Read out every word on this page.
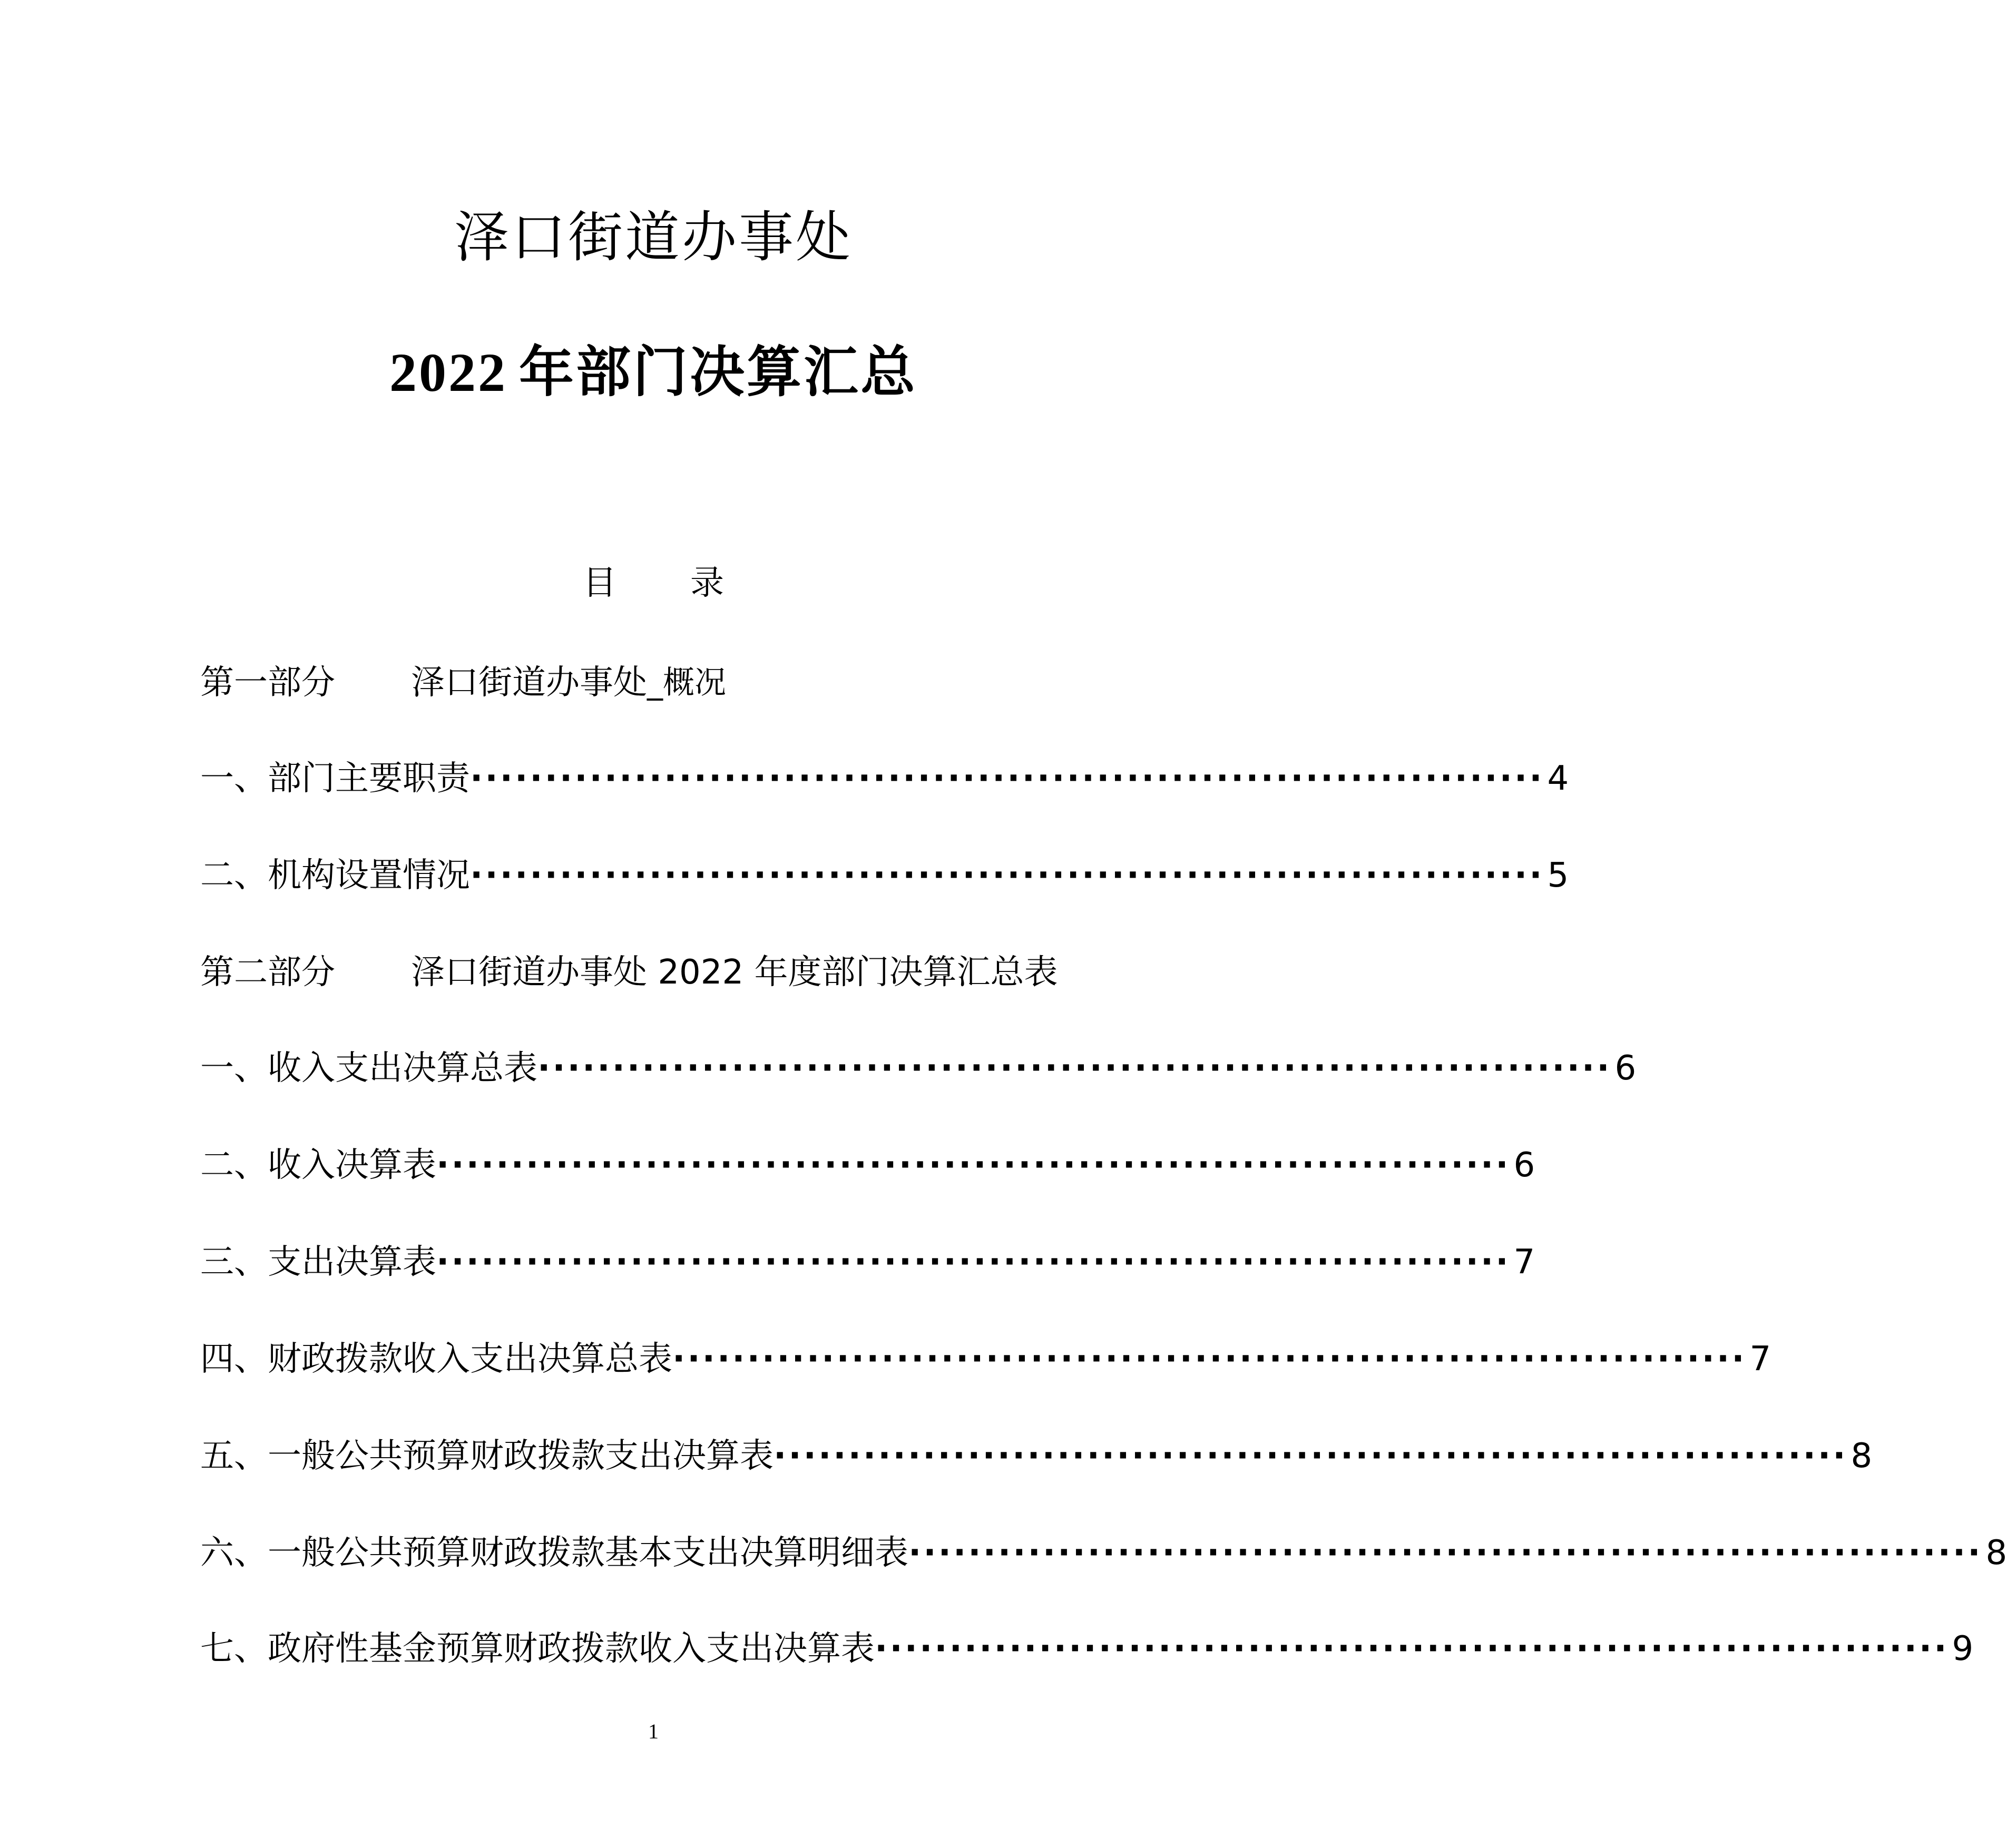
泽口街道办事处
2022 年部门决算汇总
目 录
第一部分	泽口街道办事处 _概况
一、部门主要职责 ········································································ 4
二、机构设置情况 ········································································ 5
第二部分	泽口街道办事处 2022 年度部门决算汇总表
一、收入支出决算总表 ········································································ 6
二、收入决算表 ········································································ 6
三、支出决算表 ········································································ 7
四、财政拨款收入支出决算总表 ········································································ 7
五、一般公共预算财政拨款支出决算表 ········································································ 8
六、一般公共预算财政拨款基本支出决算明细表 ········································································ 8
七、政府性基金预算财政拨款收入支出决算表 ········································································ 9
1
